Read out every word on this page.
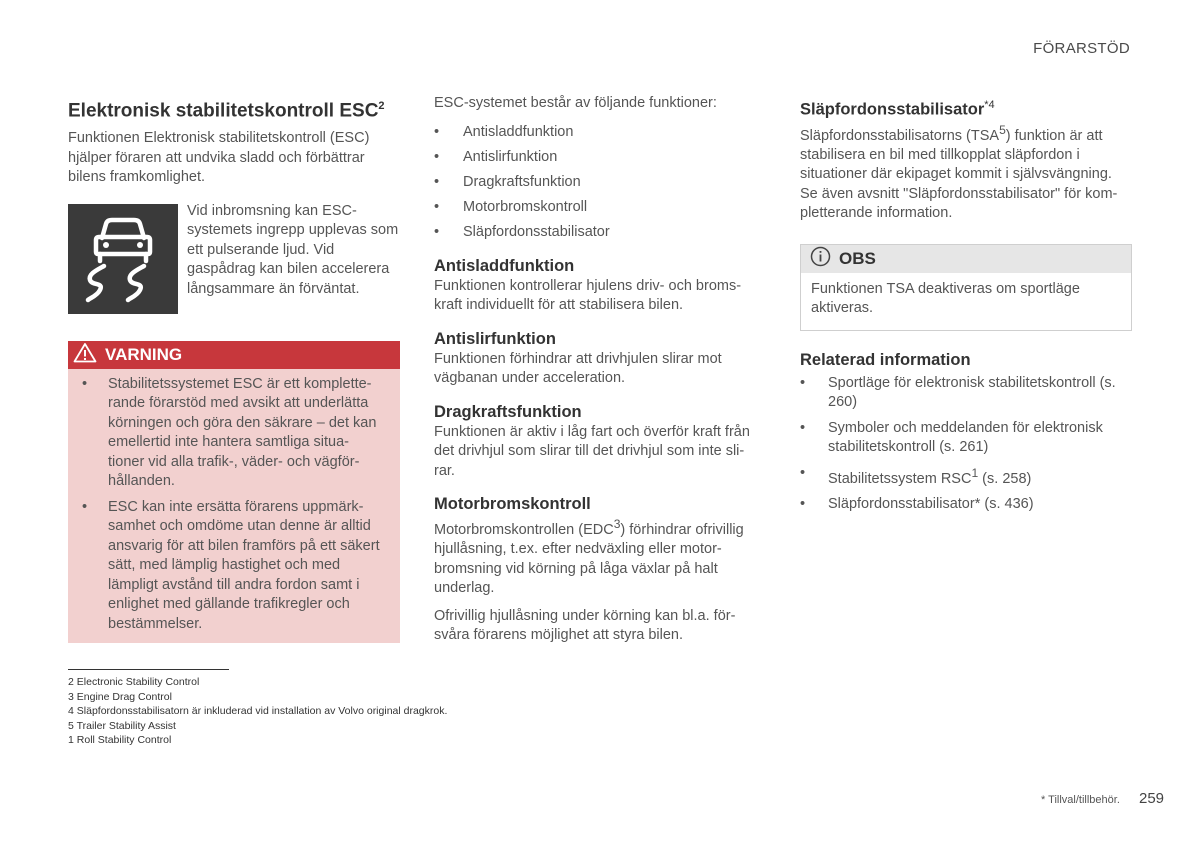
FÖRARSTÖD
Elektronisk stabilitetskontroll ESC$^2$

Funktionen Elektronisk stabilitetskontroll (ESC) hjälper föraren att undvika sladd och förbättrar bilens framkomlighet.

Vid inbromsning kan ESC-systemets ingrepp upplevas som ett pulserande ljud. Vid gaspådrag kan bilen accelerera långsammare än förväntat.

VARNING
• Stabilitetssystemet ESC är ett komplette- rande förarstöd med avsikt att underlätta körningen och göra den säkrare – det kan emellertid inte hantera samtliga situa- tioner vid alla trafik-, väder- och vägför- hållanden.
• ESC kan inte ersätta förarens uppmärk- samhet och omdöme utan denne är alltid ansvarig för att bilen framförs på ett säkert sätt, med lämplig hastighet och med lämpligt avstånd till andra fordon samt i enlighet med gällande trafikregler och bestämmelser.

ESC-systemet består av följande funktioner:

• Antisladdfunktion
• Antislirfunktion
• Dragkraftsfunktion
• Motorbromskontroll
• Släpfordonsstabilisator
Antisladdfunktion

Funktionen kontrollerar hjulens driv- och broms- kraft individuellt för att stabilisera bilen.

Antislirfunktion

Funktionen förhindrar att drivhjulen slirar mot vägbanan under acceleration.

Dragkraftsfunktion

Funktionen är aktiv i låg fart och överför kraft från det drivhjul som slirar till det drivhjul som inte sli- rar.

Motorbromskontroll

Motorbromskontrollen (EDC$^3$) förhindrar ofrivillig hjullåsning, t.ex. efter nedväxling eller motor- bromsning vid körning på låga växlar på halt underlag.

Ofrivillig hjullåsning under körning kan bl.a. för- svåra förarens möjlighet att styra bilen.

Släpfordonsstabilisator$^{*4}$

Släpfordonsstabilisatorns (TSA$^5$) funktion är att stabilisera en bil med tillkopplat släpfordon i situationer där ekipaget kommit i självsvängning. Se även avsnitt "Släpfordonsstabilisator" för kom- pletterande information.

OBS

Funktionen TSA deaktiveras om sportläge aktiveras.

Relaterad information
• Sportläge för elektronisk stabilitetskontroll (s. 260)
• Symboler och meddelanden för elektronisk stabilitetskontroll (s. 261)
• Stabilitetssystem RSC$^1$ (s. 258)
• Släpfordonsstabilisator* (s. 436)
2 Electronic Stability Control
3 Engine Drag Control
4 Släpfordonsstabilisatorn är inkluderad vid installation av Volvo original dragkrok.
5 Trailer Stability Assist
1 Roll Stability Control
* Tillval/tillbehör. 259
